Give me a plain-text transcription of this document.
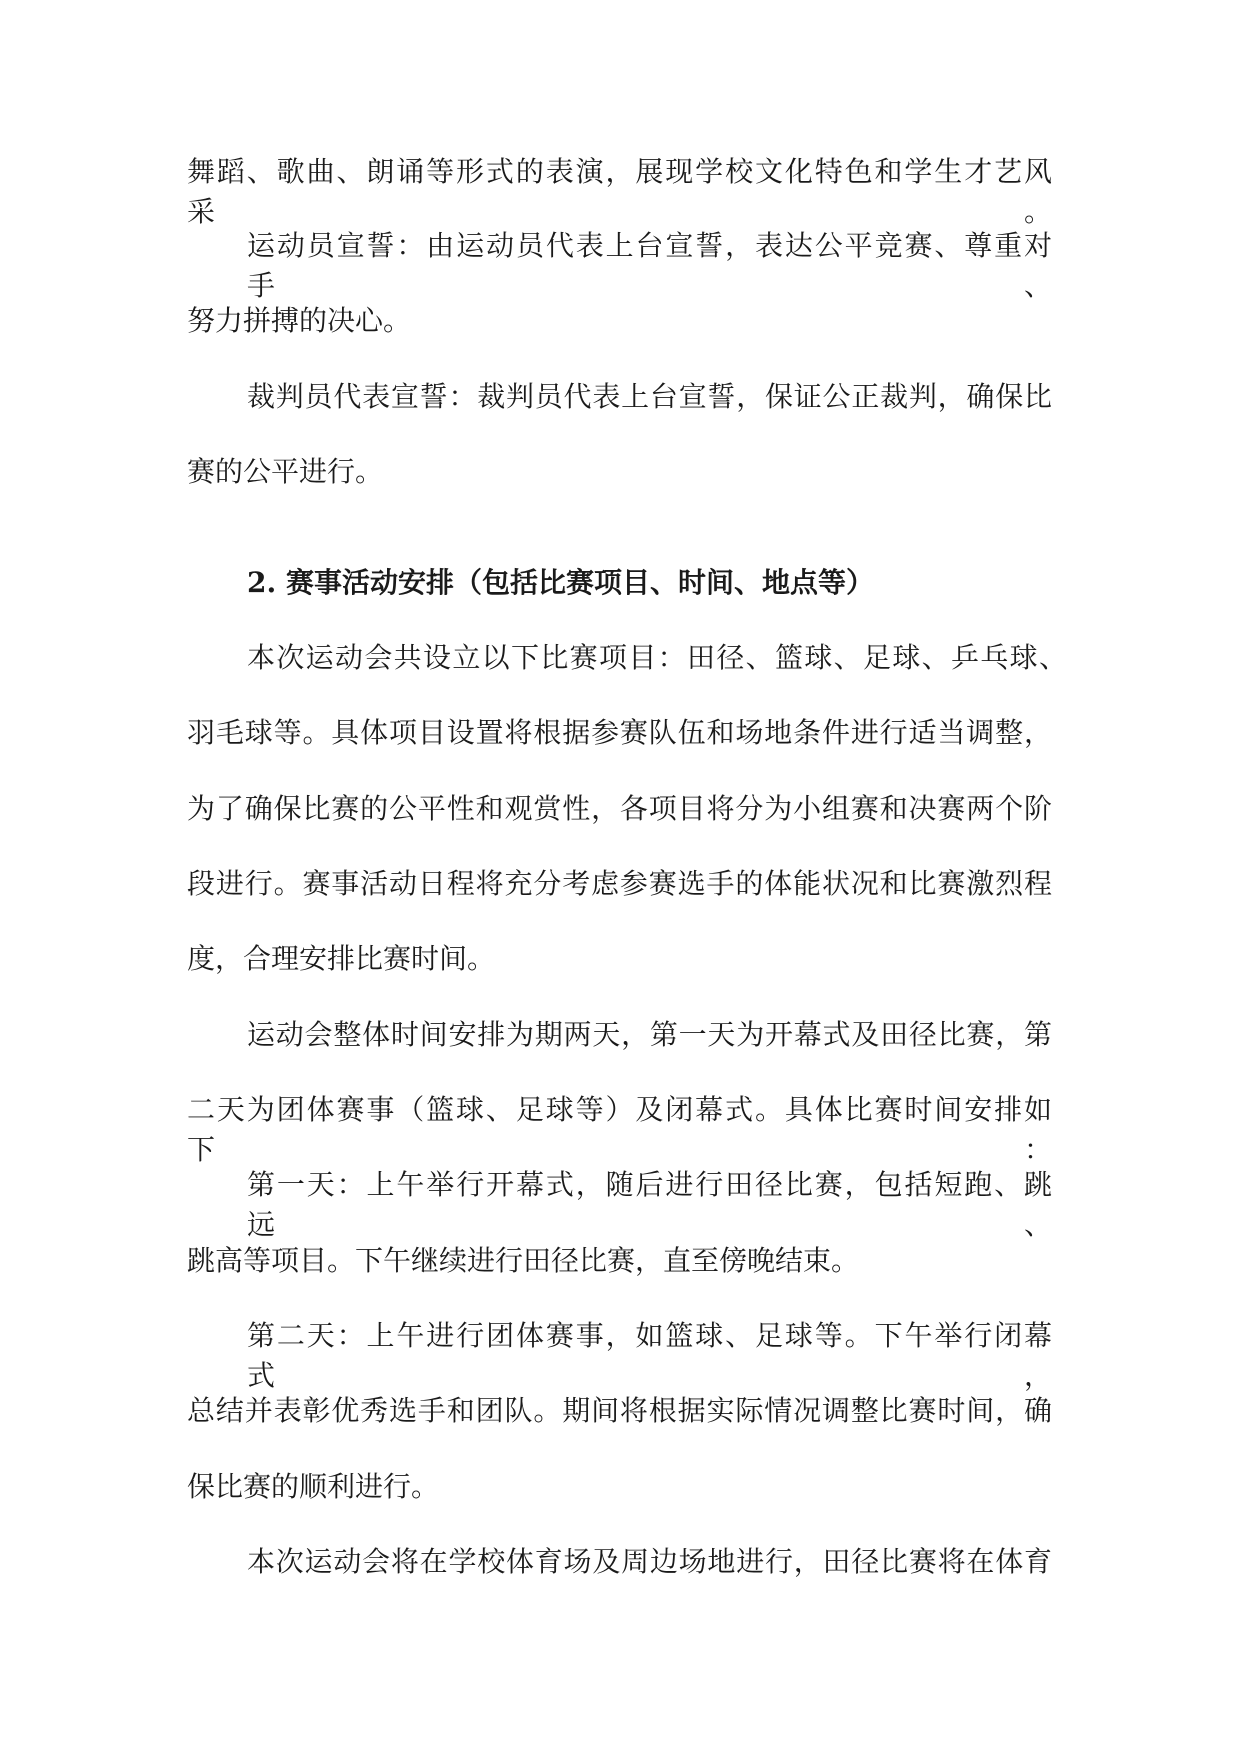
舞蹈、歌曲、朗诵等形式的表演，展现学校文化特色和学生才艺风采。
运动员宣誓：由运动员代表上台宣誓，表达公平竞赛、尊重对手、
努力拼搏的决心。
裁判员代表宣誓：裁判员代表上台宣誓，保证公正裁判，确保比
赛的公平进行。
2. 赛事活动安排（包括比赛项目、时间、地点等）
本次运动会共设立以下比赛项目：田径、篮球、足球、乒乓球、
羽毛球等。具体项目设置将根据参赛队伍和场地条件进行适当调整，
为了确保比赛的公平性和观赏性，各项目将分为小组赛和决赛两个阶
段进行。赛事活动日程将充分考虑参赛选手的体能状况和比赛激烈程
度，合理安排比赛时间。
运动会整体时间安排为期两天，第一天为开幕式及田径比赛，第
二天为团体赛事（篮球、足球等）及闭幕式。具体比赛时间安排如下：
第一天：上午举行开幕式，随后进行田径比赛，包括短跑、跳远、
跳高等项目。下午继续进行田径比赛，直至傍晚结束。
第二天：上午进行团体赛事，如篮球、足球等。下午举行闭幕式，
总结并表彰优秀选手和团队。期间将根据实际情况调整比赛时间，确
保比赛的顺利进行。
本次运动会将在学校体育场及周边场地进行，田径比赛将在体育
